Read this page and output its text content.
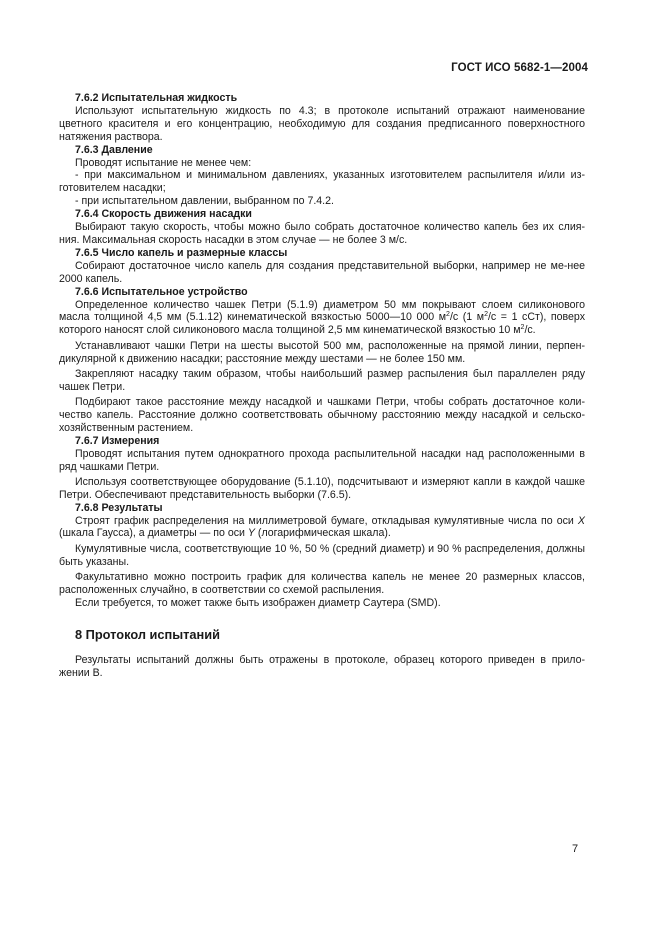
ГОСТ ИСО 5682-1—2004
7.6.2 Испытательная жидкость
Используют испытательную жидкость по 4.3; в протоколе испытаний отражают наименование цветного красителя и его концентрацию, необходимую для создания предписанного поверхностного натяжения раствора.
7.6.3 Давление
Проводят испытание не менее чем:
- при максимальном и минимальном давлениях, указанных изготовителем распылителя и/или из-готовителем насадки;
- при испытательном давлении, выбранном по 7.4.2.
7.6.4 Скорость движения насадки
Выбирают такую скорость, чтобы можно было собрать достаточное количество капель без их слия-ния. Максимальная скорость насадки в этом случае — не более 3 м/с.
7.6.5 Число капель и размерные классы
Собирают достаточное число капель для создания представительной выборки, например не ме-нее 2000 капель.
7.6.6 Испытательное устройство
Определенное количество чашек Петри (5.1.9) диаметром 50 мм покрывают слоем силиконового масла толщиной 4,5 мм (5.1.12) кинематической вязкостью 5000—10 000 $м^2/с$ (1 $м^2/с = 1$ сСт), поверх которого наносят слой силиконового масла толщиной 2,5 мм кинематической вязкостью 10 $м^2/с$.
Устанавливают чашки Петри на шесты высотой 500 мм, расположенные на прямой линии, перпен-дикулярной к движению насадки; расстояние между шестами — не более 150 мм.
Закрепляют насадку таким образом, чтобы наибольший размер распыления был параллелен ряду чашек Петри.
Подбирают такое расстояние между насадкой и чашками Петри, чтобы собрать достаточное коли-чество капель. Расстояние должно соответствовать обычному расстоянию между насадкой и сельско-хозяйственным растением.
7.6.7 Измерения
Проводят испытания путем однократного прохода распылительной насадки над расположенными в ряд чашками Петри.
Используя соответствующее оборудование (5.1.10), подсчитывают и измеряют капли в каждой чашке Петри. Обеспечивают представительность выборки (7.6.5).
7.6.8 Результаты
Строят график распределения на миллиметровой бумаге, откладывая кумулятивные числа по оси X (шкала Гаусса), а диаметры — по оси Y (логарифмическая шкала).
Кумулятивные числа, соответствующие 10 %, 50 % (средний диаметр) и 90 % распределения, должны быть указаны.
Факультативно можно построить график для количества капель не менее 20 размерных классов, расположенных случайно, в соответствии со схемой распыления.
Если требуется, то может также быть изображен диаметр Саутера (SMD).
8 Протокол испытаний
Результаты испытаний должны быть отражены в протоколе, образец которого приведен в прило-жении В.
7
